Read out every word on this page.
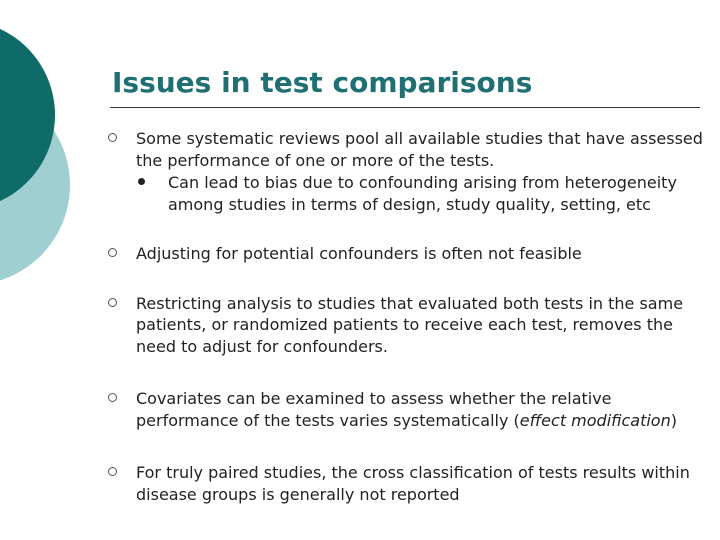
Issues in test comparisons
Some systematic reviews pool all available studies that have assessed the performance of one or more of the tests.
Can lead to bias due to confounding arising from heterogeneity among studies in terms of design, study quality, setting, etc
Adjusting for potential confounders is often not feasible
Restricting analysis to studies that evaluated both tests in the same patients, or randomized patients to receive each test, removes the need to adjust for confounders.
Covariates can be examined to assess whether the relative performance of the tests varies systematically (effect modification)
For truly paired studies, the cross classification of tests results within disease groups is generally not reported
